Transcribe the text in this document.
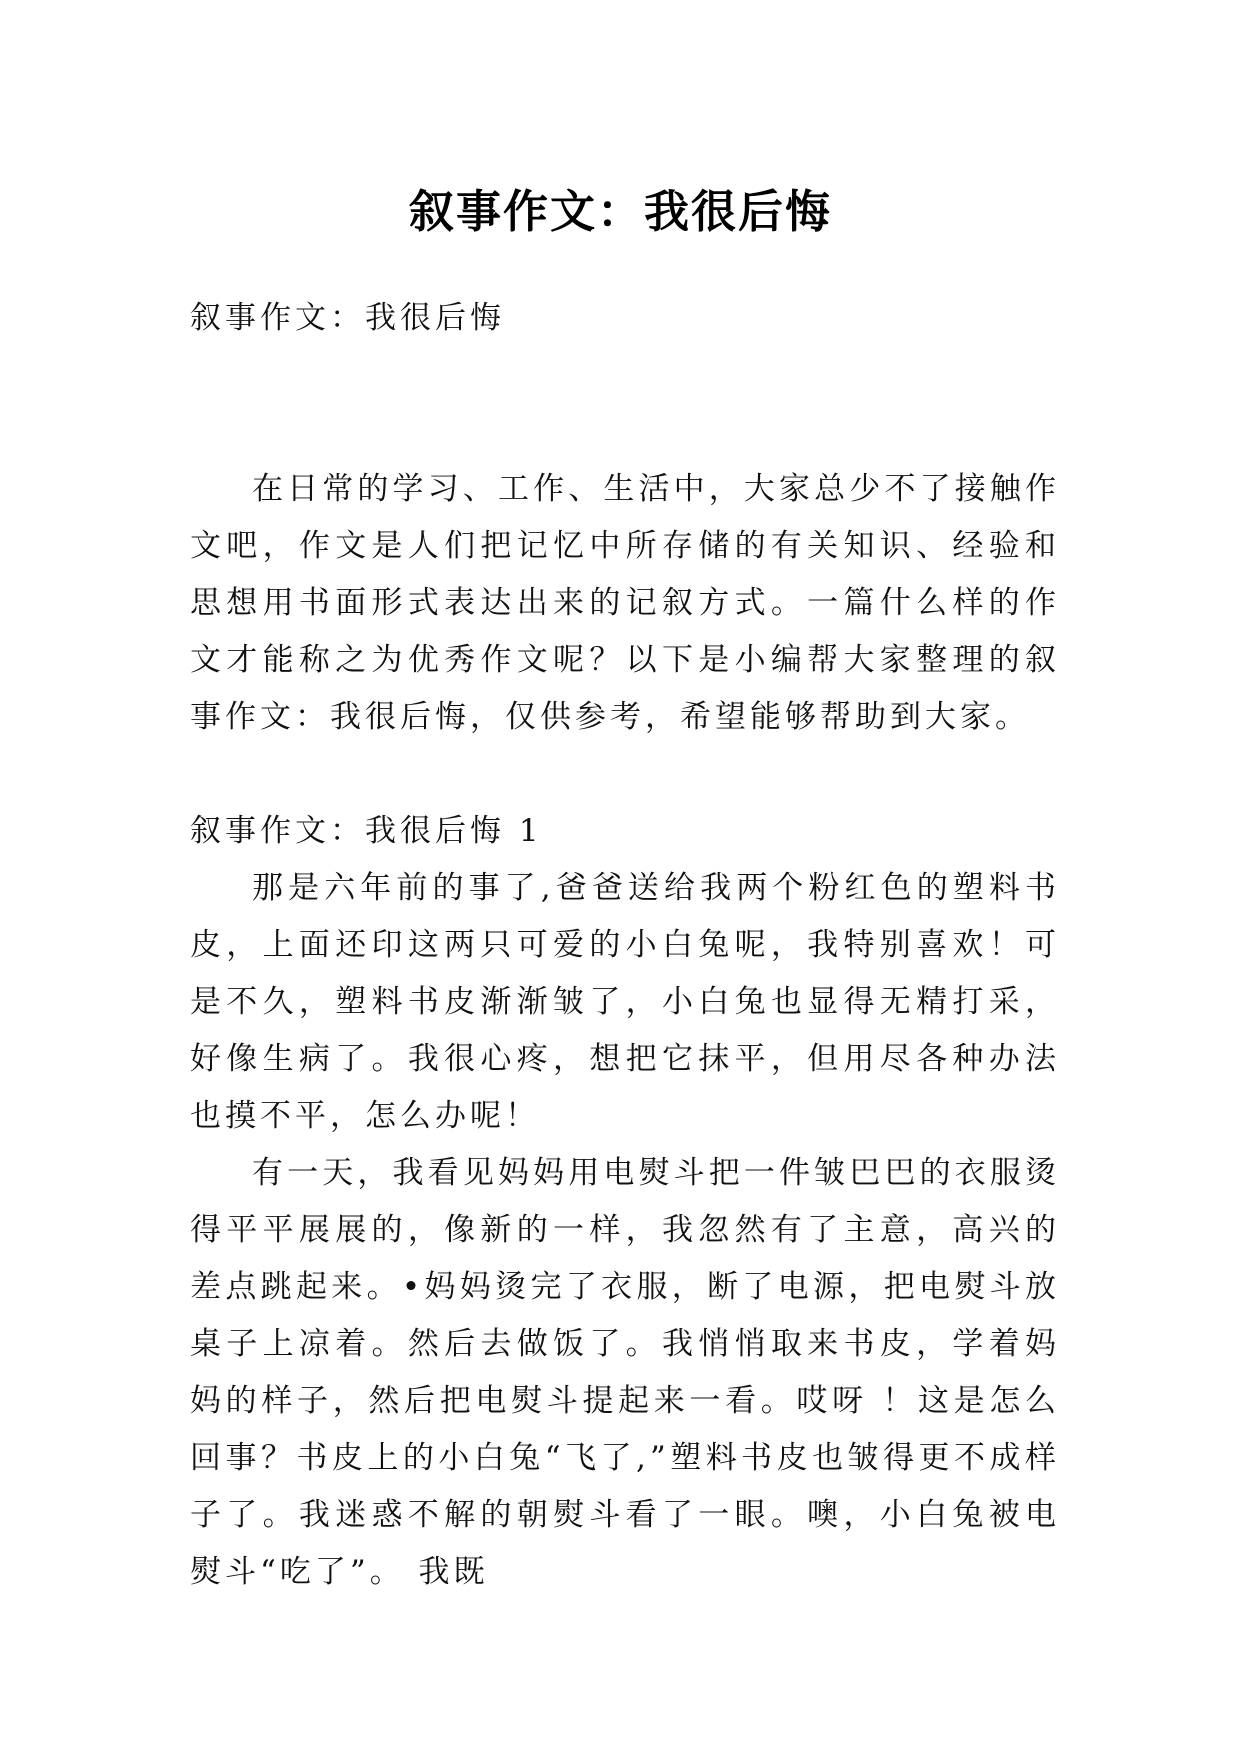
叙事作文：我很后悔

叙事作文：我很后悔

在日常的学习、工作、生活中，大家总少不了接触作文吧，作文是人们把记忆中所存储的有关知识、经验和思想用书面形式表达出来的记叙方式。一篇什么样的作文才能称之为优秀作文呢？以下是小编帮大家整理的叙事作文：我很后悔，仅供参考，希望能够帮助到大家。

叙事作文：我很后悔 1

那是六年前的事了,爸爸送给我两个粉红色的塑料书皮，上面还印这两只可爱的小白兔呢，我特别喜欢！可是不久，塑料书皮渐渐皱了，小白兔也显得无精打采，好像生病了。我很心疼，想把它抹平，但用尽各种办法也摸不平，怎么办呢！

有一天，我看见妈妈用电熨斗把一件皱巴巴的衣服烫得平平展展的，像新的一样，我忽然有了主意，高兴的差点跳起来。•妈妈烫完了衣服，断了电源，把电熨斗放桌子上凉着。然后去做饭了。我悄悄取来书皮，学着妈妈的样子，然后把电熨斗提起来一看。哎呀 ！这是怎么回事？书皮上的小白兔“飞了,”塑料书皮也皱得更不成样子了。我迷惑不解的朝熨斗看了一眼。噢，小白兔被电熨斗“吃了”。 我既
